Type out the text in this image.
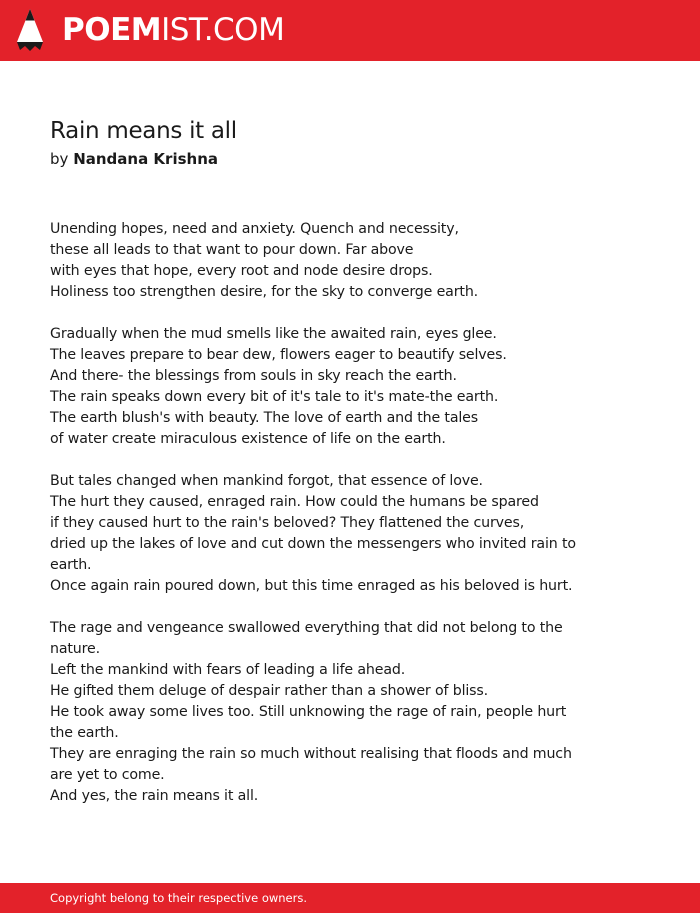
POEMIST.COM
Rain means it all
by Nandana Krishna
Unending hopes, need and anxiety. Quench and necessity,
these all leads to that want to pour down. Far above
with eyes that hope, every root and node desire drops.
Holiness too strengthen desire, for the sky to converge earth.
Gradually when the mud smells like the awaited rain, eyes glee.
The leaves prepare to bear dew, flowers eager to beautify selves.
And there- the blessings from souls in sky reach the earth.
The rain speaks down every bit of it's tale to it's mate-the earth.
The earth blush's with beauty. The love of earth and the tales
of water create miraculous existence of life on the earth.
But tales changed when mankind forgot, that essence of love.
The hurt they caused, enraged rain. How could the humans be spared
if they caused hurt to the rain's beloved? They flattened the curves,
dried up the lakes of love and cut down the messengers who invited rain to
earth.
Once again rain poured down, but this time enraged as his beloved is hurt.
The rage and vengeance swallowed everything that did not belong to the
nature.
Left the mankind with fears of leading a life ahead.
He gifted them deluge of despair rather than a shower of bliss.
He took away some lives too. Still unknowing the rage of rain, people hurt
the earth.
They are enraging the rain so much without realising that floods and much
are yet to come.
And yes, the rain means it all.
Copyright belong to their respective owners.
